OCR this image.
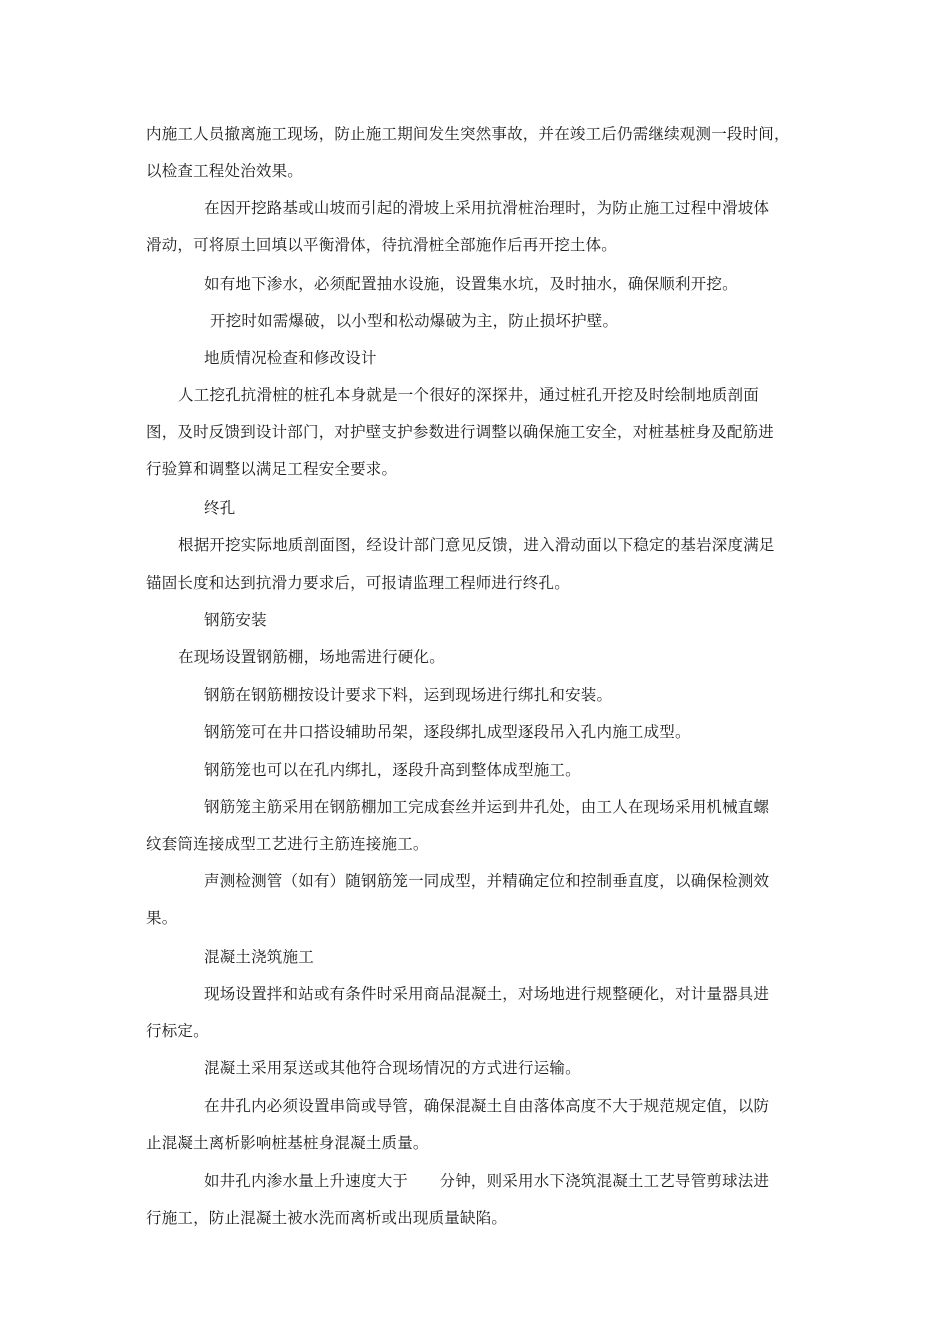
内施工人员撤离施工现场，防止施工期间发生突然事故，并在竣工后仍需继续观测一段时间，
以检查工程处治效果。
在因开挖路基或山坡而引起的滑坡上采用抗滑桩治理时，为防止施工过程中滑坡体
滑动，可将原土回填以平衡滑体，待抗滑桩全部施作后再开挖土体。
如有地下渗水，必须配置抽水设施，设置集水坑，及时抽水，确保顺利开挖。
开挖时如需爆破，以小型和松动爆破为主，防止损坏护壁。
地质情况检查和修改设计
人工挖孔抗滑桩的桩孔本身就是一个很好的深探井，通过桩孔开挖及时绘制地质剖面
图，及时反馈到设计部门，对护壁支护参数进行调整以确保施工安全，对桩基桩身及配筋进
行验算和调整以满足工程安全要求。
终孔
根据开挖实际地质剖面图，经设计部门意见反馈，进入滑动面以下稳定的基岩深度满足
锚固长度和达到抗滑力要求后，可报请监理工程师进行终孔。
钢筋安装
在现场设置钢筋棚，场地需进行硬化。
钢筋在钢筋棚按设计要求下料，运到现场进行绑扎和安装。
钢筋笼可在井口搭设辅助吊架，逐段绑扎成型逐段吊入孔内施工成型。
钢筋笼也可以在孔内绑扎，逐段升高到整体成型施工。
钢筋笼主筋采用在钢筋棚加工完成套丝并运到井孔处，由工人在现场采用机械直螺
纹套筒连接成型工艺进行主筋连接施工。
声测检测管（如有）随钢筋笼一同成型，并精确定位和控制垂直度，以确保检测效
果。
混凝土浇筑施工
现场设置拌和站或有条件时采用商品混凝土，对场地进行规整硬化，对计量器具进
行标定。
混凝土采用泵送或其他符合现场情况的方式进行运输。
在井孔内必须设置串筒或导管，确保混凝土自由落体高度不大于规范规定值，以防
止混凝土离析影响桩基桩身混凝土质量。
如井孔内渗水量上升速度大于　　分钟，则采用水下浇筑混凝土工艺导管剪球法进
行施工，防止混凝土被水洗而离析或出现质量缺陷。
